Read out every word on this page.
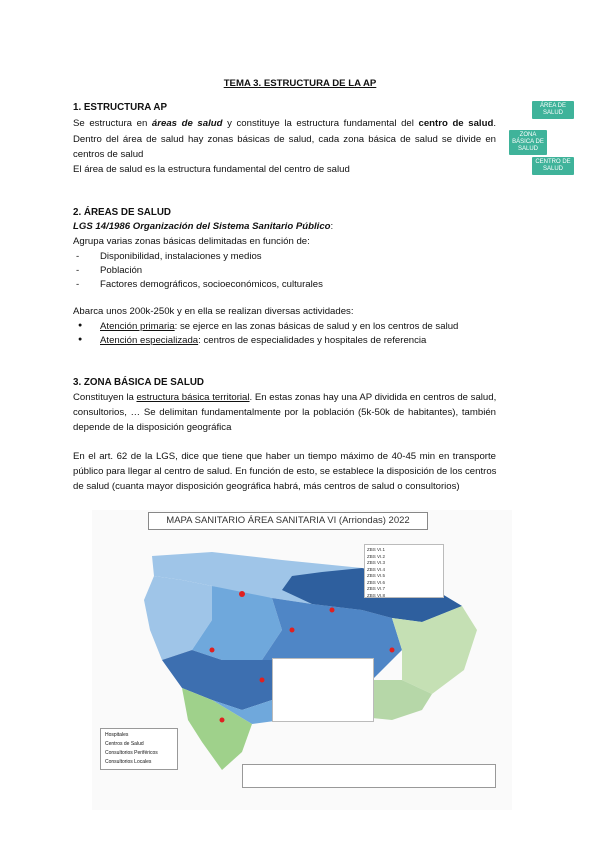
TEMA 3. ESTRUCTURA DE LA AP
1. ESTRUCTURA AP
Se estructura en áreas de salud y constituye la estructura fundamental del centro de salud.
Dentro del área de salud hay zonas básicas de salud, cada zona básica de salud se divide en
centros de salud
El área de salud es la estructura fundamental del centro de salud
ÁREA DE SALUD
ZONA BÁSICA DE SALUD
CENTRO DE SALUD
2. ÁREAS DE SALUD
LGS 14/1986 Organización del Sistema Sanitario Público:
Agrupa varias zonas básicas delimitadas en función de:
- Disponibilidad, instalaciones y medios
- Población
- Factores demográficos, socioeconómicos, culturales
Abarca unos 200k-250k y en ella se realizan diversas actividades:
● Atención primaria: se ejerce en las zonas básicas de salud y en los centros de salud
● Atención especializada: centros de especialidades y hospitales de referencia
3. ZONA BÁSICA DE SALUD
Constituyen la estructura básica territorial. En estas zonas hay una AP dividida en centros de salud,
consultorios, … Se delimitan fundamentalmente por la población (5k-50k de habitantes), también
depende de la disposición geográfica
En el art. 62 de la LGS, dice que tiene que haber un tiempo máximo de 40-45 min en transporte
público para llegar al centro de salud. En función de esto, se establece la disposición de los centros
de salud (cuanta mayor disposición geográfica habrá, más centros de salud o consultorios)
MAPA SANITARIO ÁREA SANITARIA VI (Arriondas) 2022
Hospitales
Centros de Salud
Consultorios Periféricos
Consultorios Locales
ZBS VI.1
ZBS VI.2
ZBS VI.3
ZBS VI.4
ZBS VI.5
ZBS VI.6
ZBS VI.7
ZBS VI.8
